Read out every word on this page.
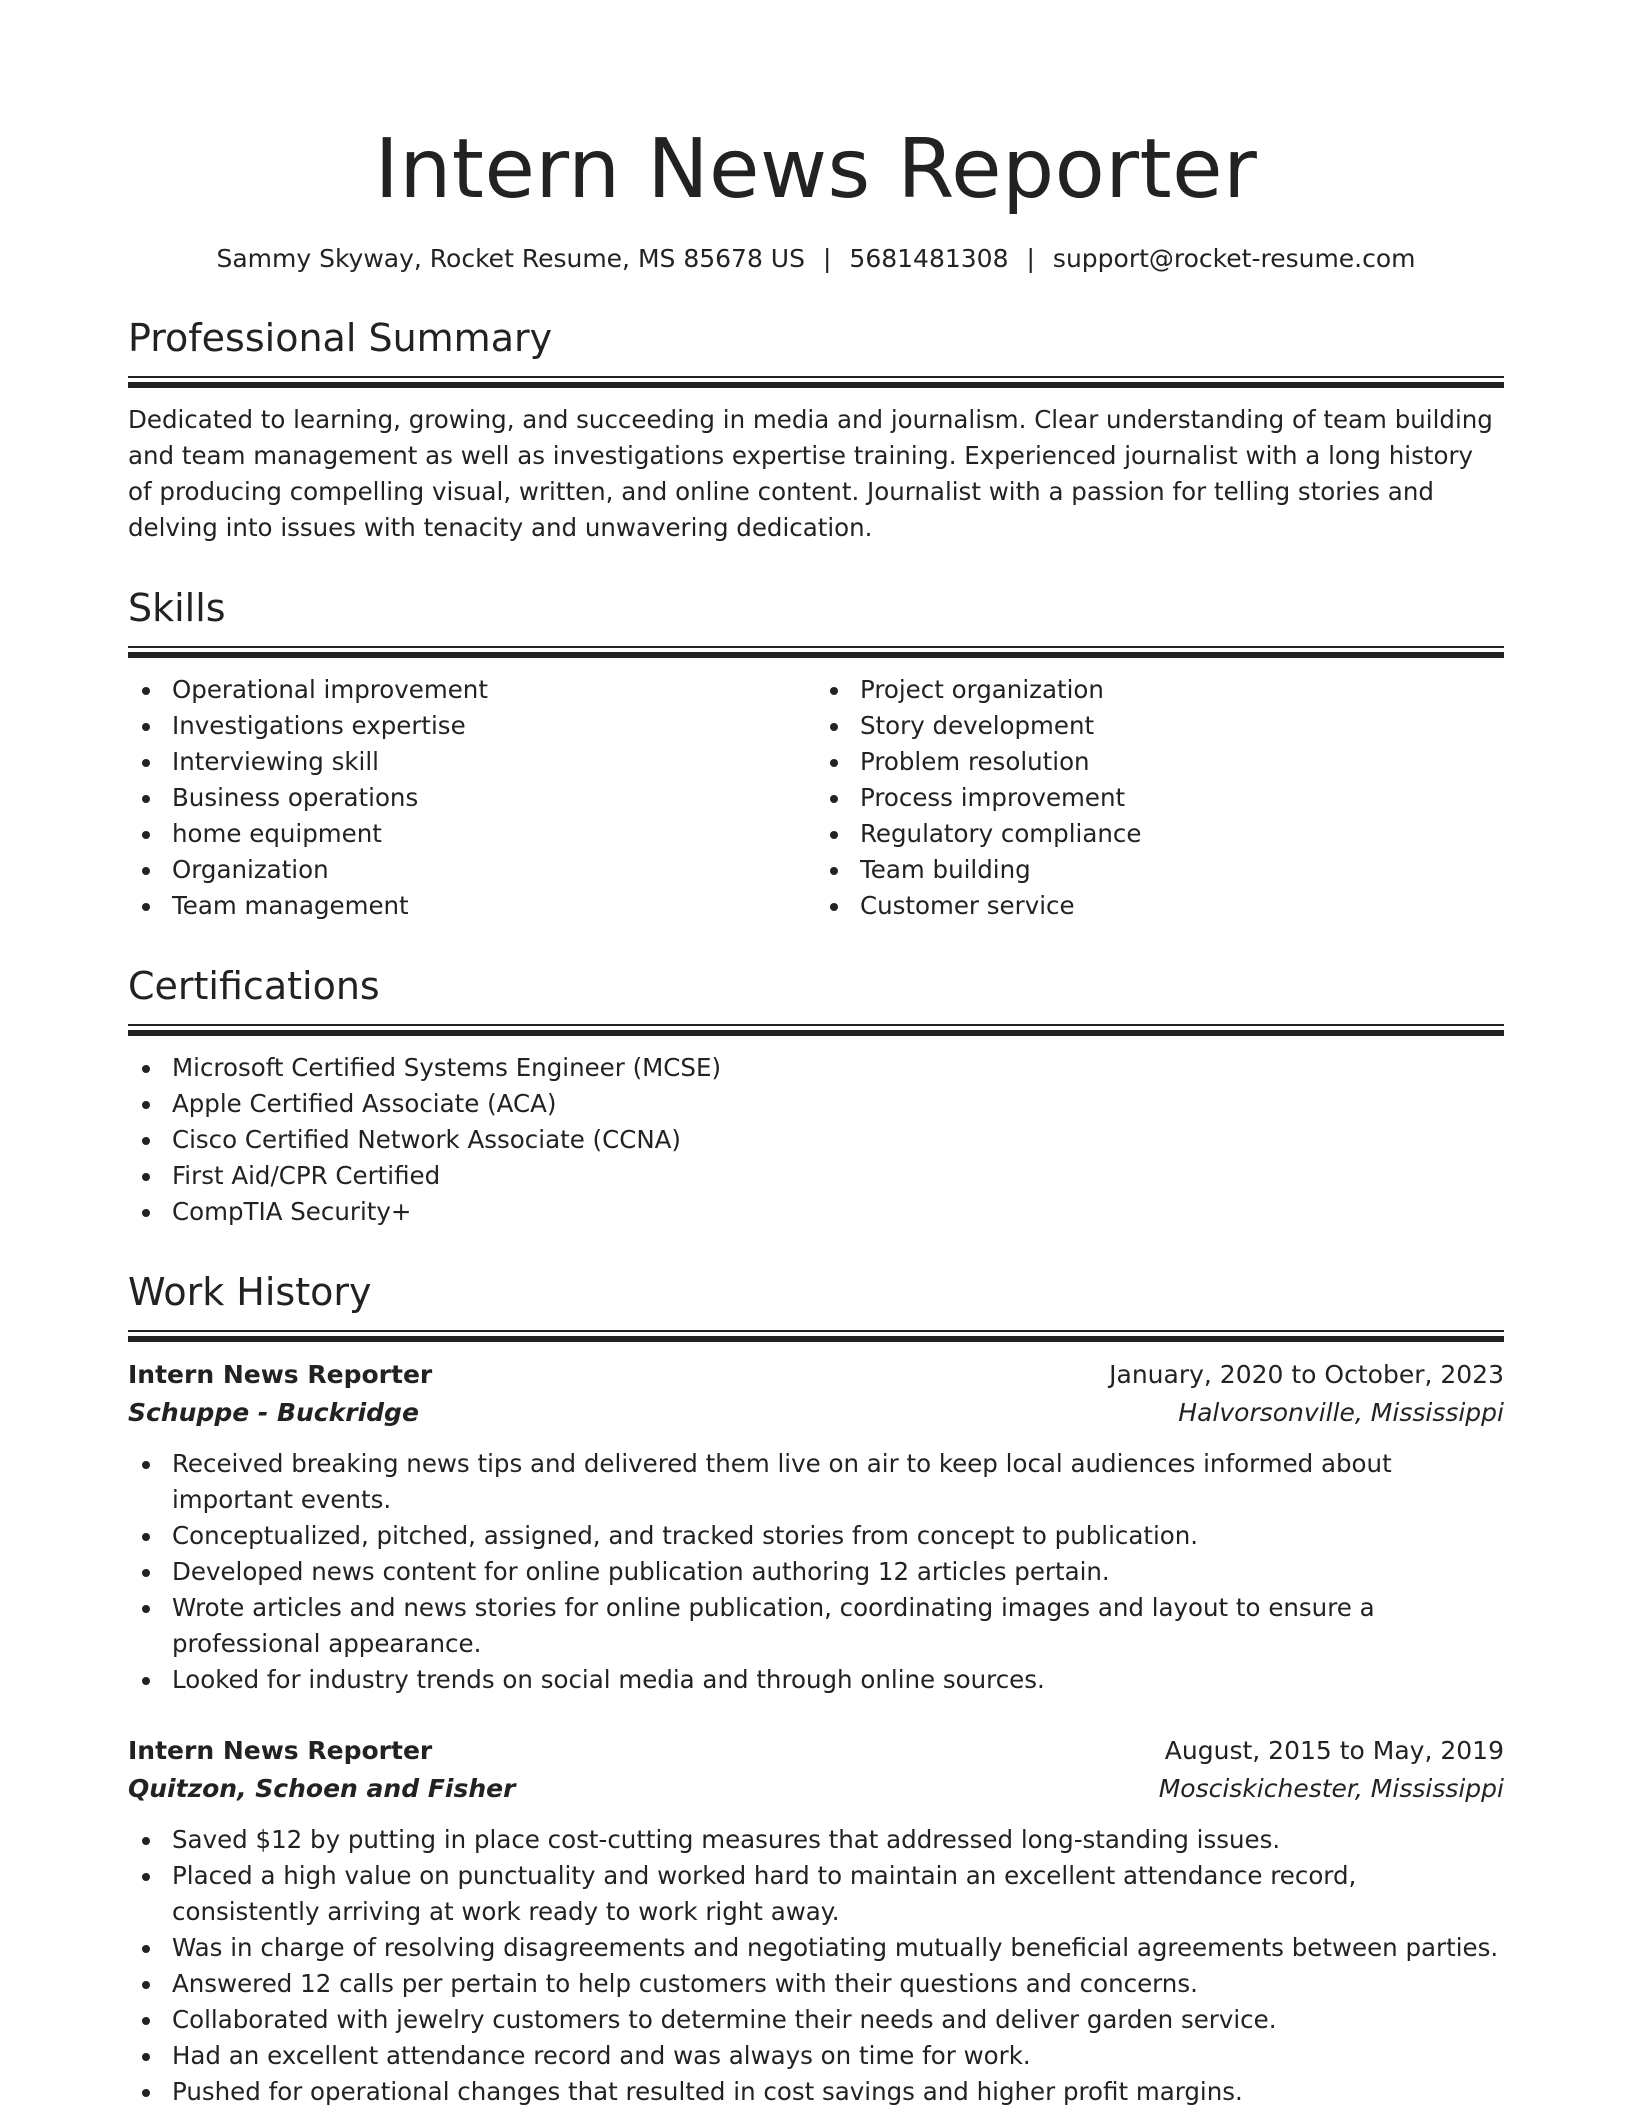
Intern News Reporter
Sammy Skyway, Rocket Resume, MS 85678 US | 5681481308 | support@rocket-resume.com
Professional Summary

Dedicated to learning, growing, and succeeding in media and journalism. Clear understanding of team building and team management as well as investigations expertise training. Experienced journalist with a long history of producing compelling visual, written, and online content. Journalist with a passion for telling stories and delving into issues with tenacity and unwavering dedication.

Skills
Operational improvement
Investigations expertise
Interviewing skill
Business operations
home equipment
Organization
Team management
Project organization
Story development
Problem resolution
Process improvement
Regulatory compliance
Team building
Customer service
Certifications
Microsoft Certified Systems Engineer (MCSE)
Apple Certified Associate (ACA)
Cisco Certified Network Associate (CCNA)
First Aid/CPR Certified
CompTIA Security+
Work History
Intern News Reporter	January, 2020 to October, 2023
Schuppe - Buckridge	Halvorsonville, Mississippi
Received breaking news tips and delivered them live on air to keep local audiences informed about important events.
Conceptualized, pitched, assigned, and tracked stories from concept to publication.
Developed news content for online publication authoring 12 articles pertain.
Wrote articles and news stories for online publication, coordinating images and layout to ensure a professional appearance.
Looked for industry trends on social media and through online sources.
Intern News Reporter	August, 2015 to May, 2019
Quitzon, Schoen and Fisher	Mosciskichester, Mississippi
Saved $12 by putting in place cost-cutting measures that addressed long-standing issues.
Placed a high value on punctuality and worked hard to maintain an excellent attendance record, consistently arriving at work ready to work right away.
Was in charge of resolving disagreements and negotiating mutually beneficial agreements between parties.
Answered 12 calls per pertain to help customers with their questions and concerns.
Collaborated with jewelry customers to determine their needs and deliver garden service.
Had an excellent attendance record and was always on time for work.
Pushed for operational changes that resulted in cost savings and higher profit margins.
